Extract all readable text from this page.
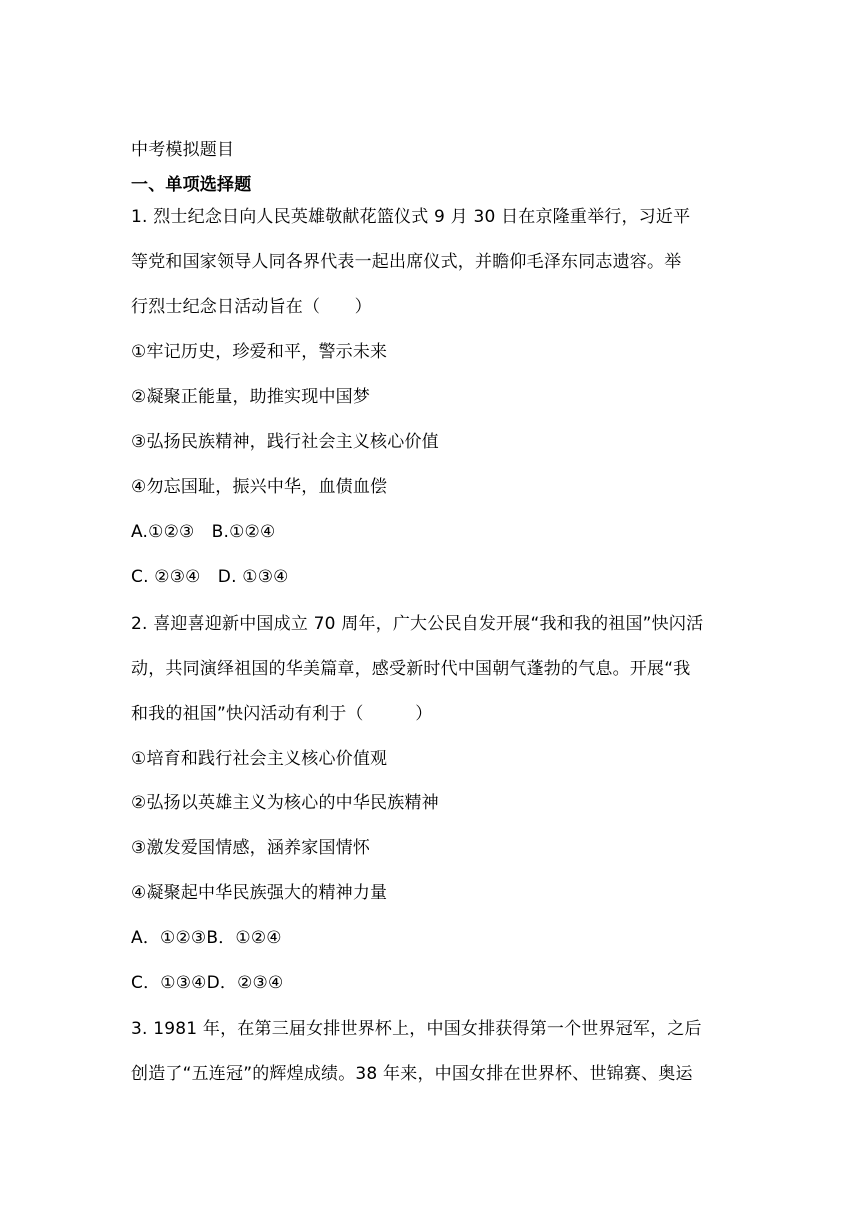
中考模拟题目
一、单项选择题
1. 烈士纪念日向人民英雄敬献花篮仪式 9 月 30 日在京隆重举行，习近平
等党和国家领导人同各界代表一起出席仪式，并瞻仰毛泽东同志遗容。举
行烈士纪念日活动旨在（　　）
①牢记历史，珍爱和平，警示未来
②凝聚正能量，助推实现中国梦
③弘扬民族精神，践行社会主义核心价值
④勿忘国耻，振兴中华，血债血偿
A.①②③　B.①②④
C. ②③④　D. ①③④
2. 喜迎喜迎新中国成立 70 周年，广大公民自发开展“我和我的祖国”快闪活
动，共同演绎祖国的华美篇章，感受新时代中国朝气蓬勃的气息。开展“我
和我的祖国”快闪活动有利于（　　　）
①培育和践行社会主义核心价值观
②弘扬以英雄主义为核心的中华民族精神
③激发爱国情感，涵养家国情怀
④凝聚起中华民族强大的精神力量
A．①②③B．①②④
C．①③④D．②③④
3. 1981 年，在第三届女排世界杯上，中国女排获得第一个世界冠军，之后
创造了“五连冠”的辉煌成绩。38 年来，中国女排在世界杯、世锦赛、奥运
